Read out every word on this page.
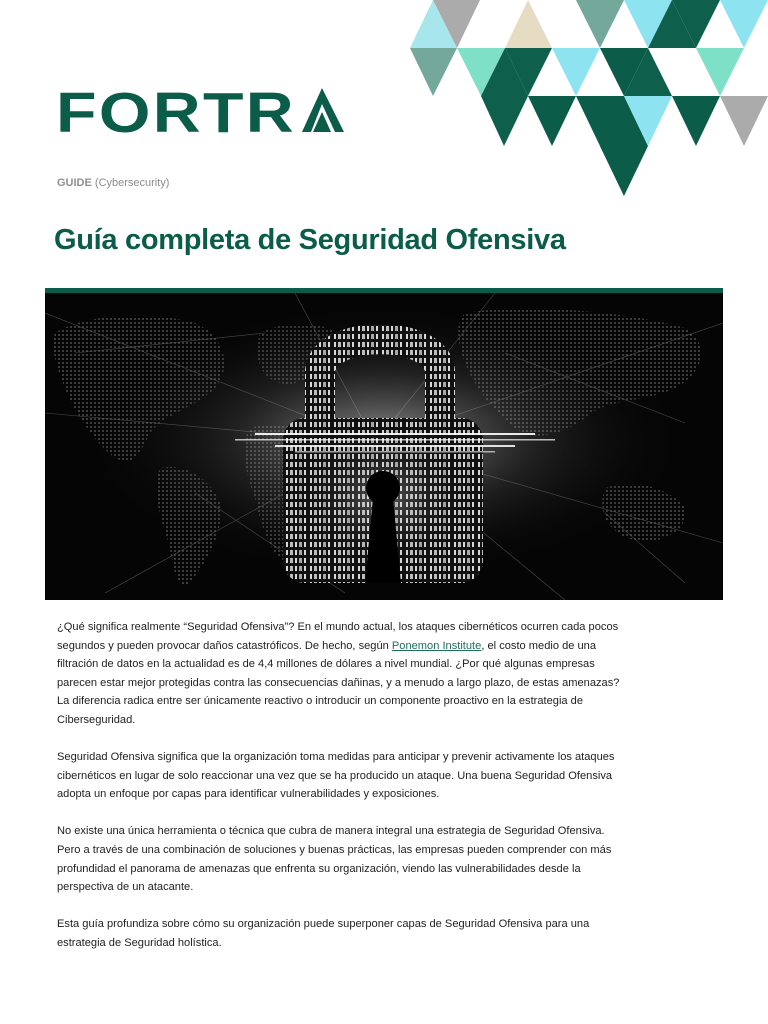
FORTR
GUIDE (Cybersecurity)
Guía completa de Seguridad Ofensiva

¿Qué significa realmente “Seguridad Ofensiva”? En el mundo actual, los ataques cibernéticos ocurren cada pocos segundos y pueden provocar daños catastróficos. De hecho, según Ponemon Institute, el costo medio de una filtración de datos en la actualidad es de 4,4 millones de dólares a nivel mundial. ¿Por qué algunas empresas parecen estar mejor protegidas contra las consecuencias dañinas, y a menudo a largo plazo, de estas amenazas? La diferencia radica entre ser únicamente reactivo o introducir un componente proactivo en la estrategia de Ciberseguridad.

Seguridad Ofensiva significa que la organización toma medidas para anticipar y prevenir activamente los ataques cibernéticos en lugar de solo reaccionar una vez que se ha producido un ataque. Una buena Seguridad Ofensiva adopta un enfoque por capas para identificar vulnerabilidades y exposiciones.

No existe una única herramienta o técnica que cubra de manera integral una estrategia de Seguridad Ofensiva. Pero a través de una combinación de soluciones y buenas prácticas, las empresas pueden comprender con más profundidad el panorama de amenazas que enfrenta su organización, viendo las vulnerabilidades desde la perspectiva de un atacante.

Esta guía profundiza sobre cómo su organización puede superponer capas de Seguridad Ofensiva para una estrategia de Seguridad holística.
